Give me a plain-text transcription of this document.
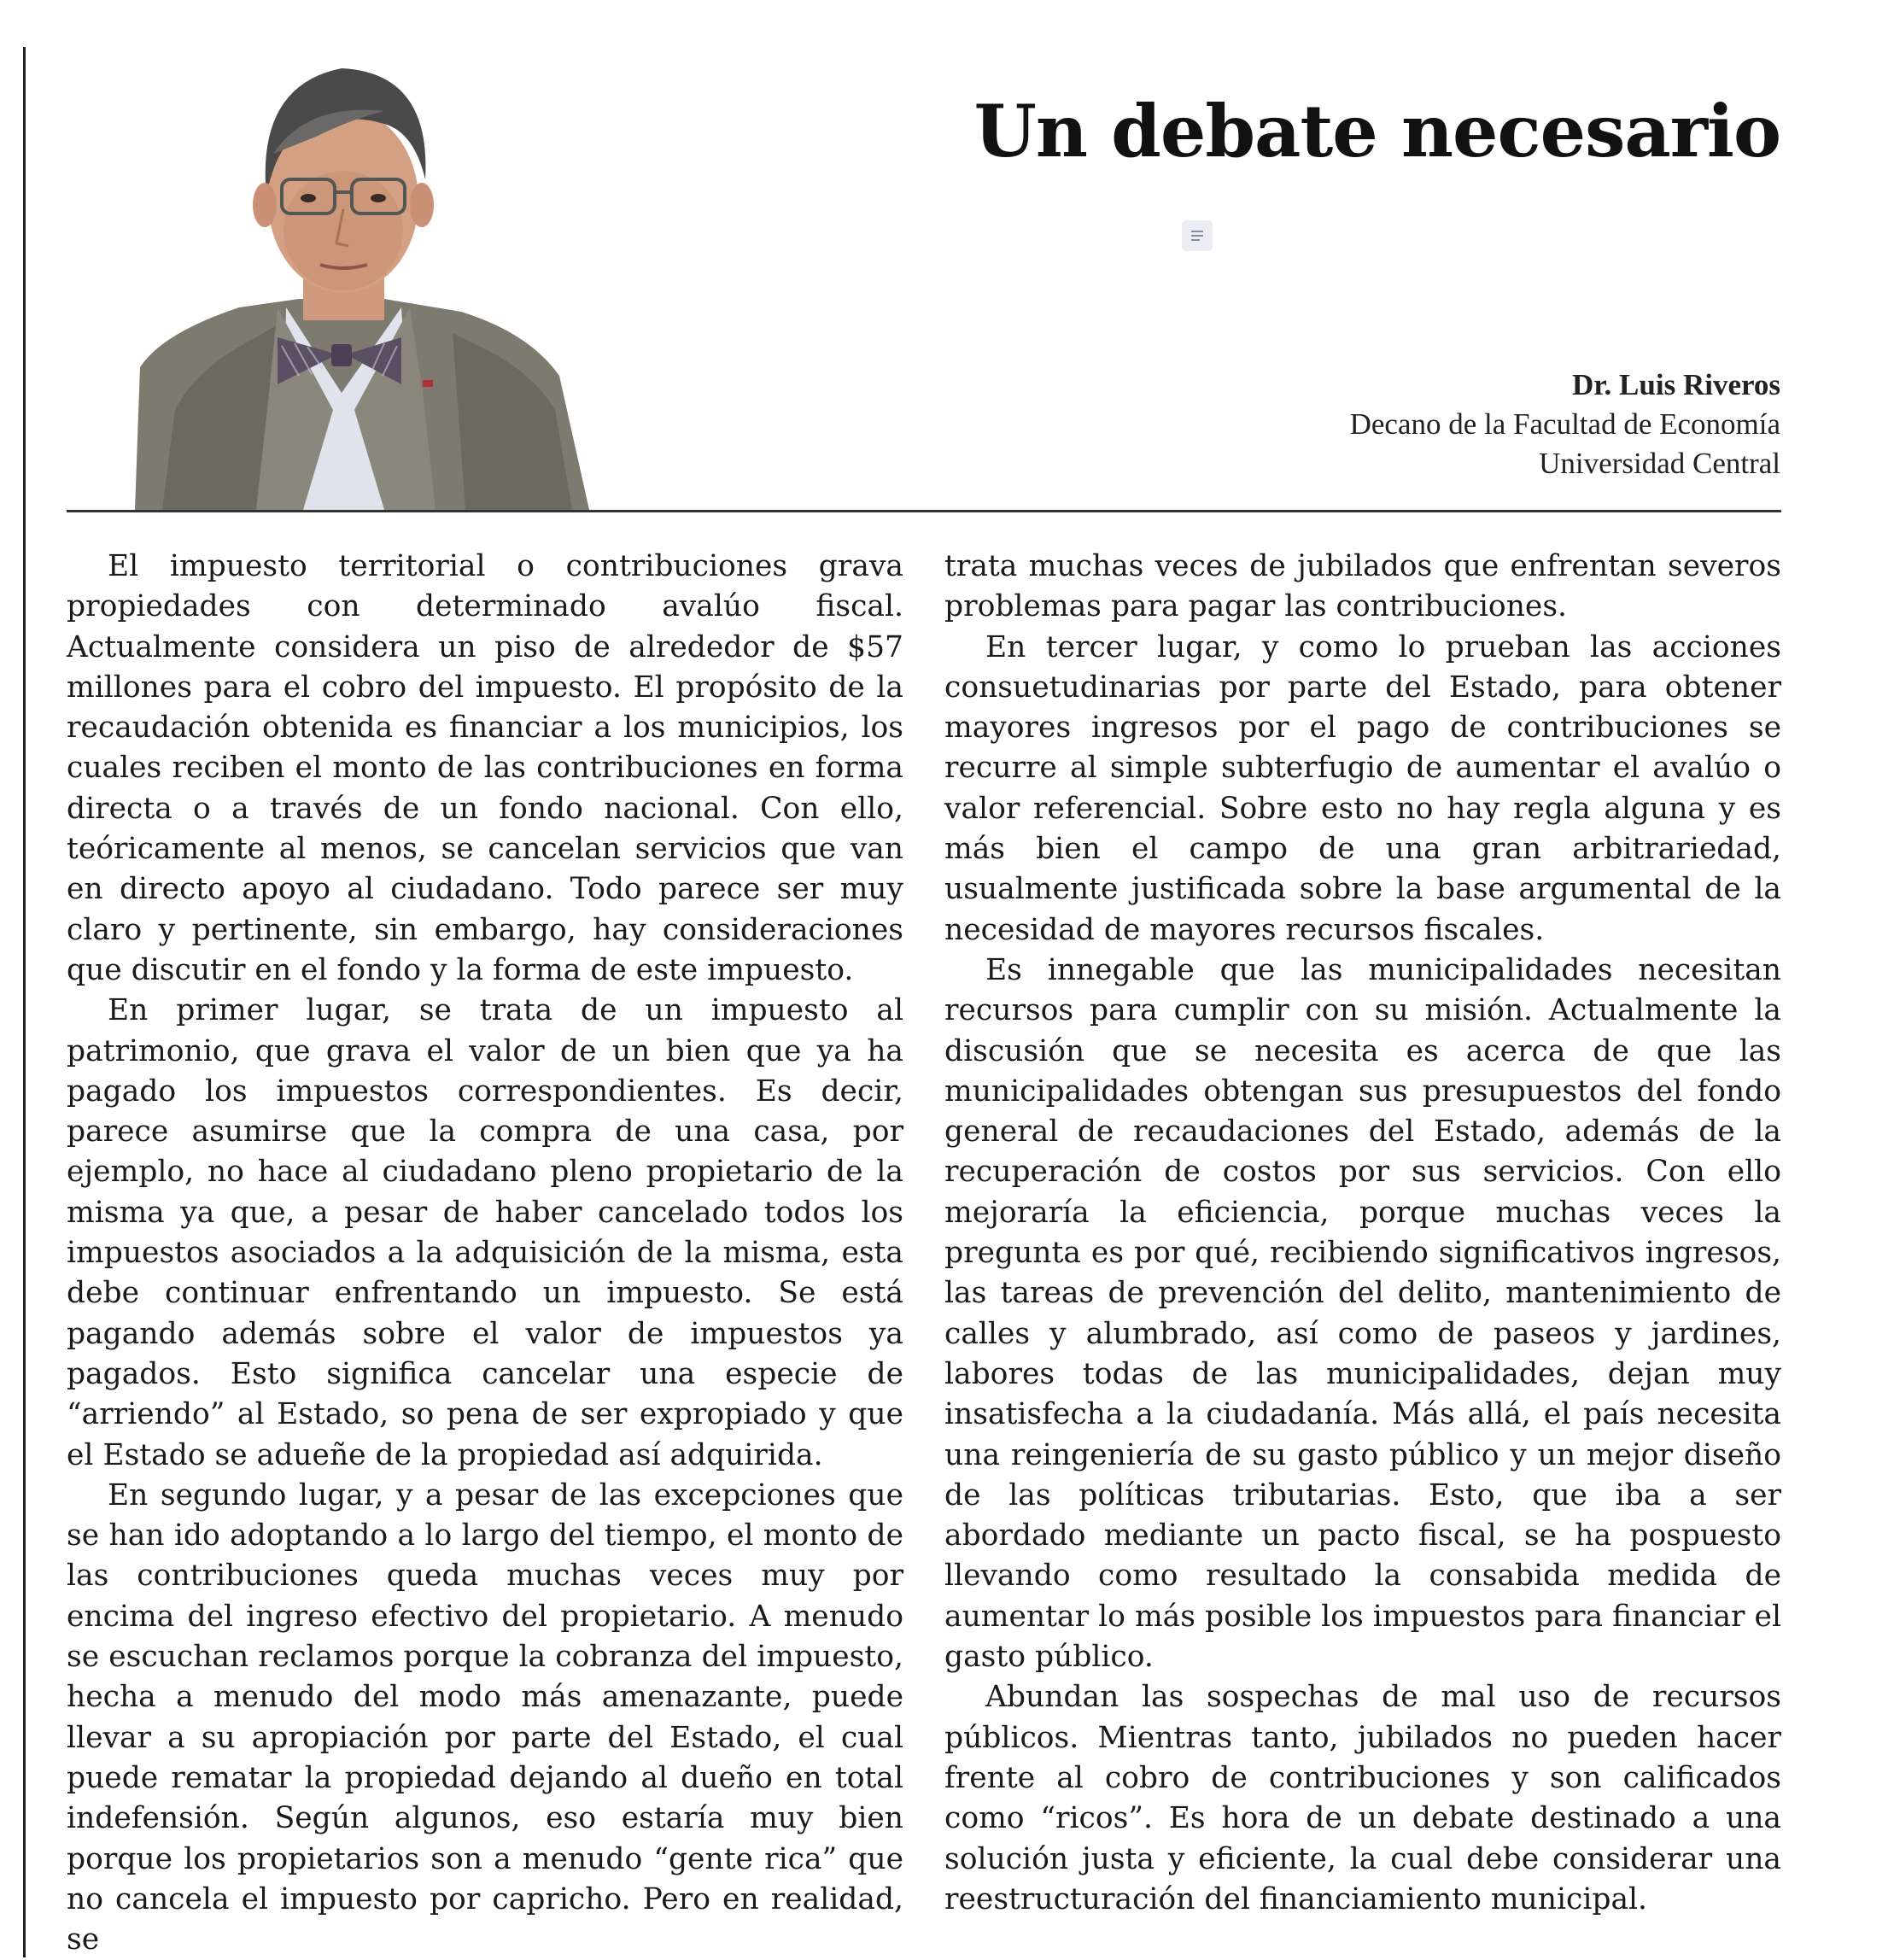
Un debate necesario
Dr. Luis Riveros
Decano de la Facultad de Economía
Universidad Central

El impuesto territorial o contribuciones grava propiedades con determinado avalúo fiscal. Actualmente considera un piso de alrededor de $57 millones para el cobro del impuesto. El propósito de la recaudación obtenida es financiar a los municipios, los cuales reciben el monto de las contribuciones en forma directa o a través de un fondo nacional. Con ello, teóricamente al menos, se cancelan servicios que van en directo apoyo al ciudadano. Todo parece ser muy claro y pertinente, sin embargo, hay consideraciones que discutir en el fondo y la forma de este impuesto.

En primer lugar, se trata de un impuesto al patrimonio, que grava el valor de un bien que ya ha pagado los impuestos correspondientes. Es decir, parece asumirse que la compra de una casa, por ejemplo, no hace al ciudadano pleno propietario de la misma ya que, a pesar de haber cancelado todos los impuestos asociados a la adquisición de la misma, esta debe continuar enfrentando un impuesto. Se está pagando además sobre el valor de impuestos ya pagados. Esto significa cancelar una especie de “arriendo” al Estado, so pena de ser expropiado y que el Estado se adueñe de la propiedad así adquirida.

En segundo lugar, y a pesar de las excepciones que se han ido adoptando a lo largo del tiempo, el monto de las contribuciones queda muchas veces muy por encima del ingreso efectivo del propietario. A menudo se escuchan reclamos porque la cobranza del impuesto, hecha a menudo del modo más amenazante, puede llevar a su apropiación por parte del Estado, el cual puede rematar la propiedad dejando al dueño en total indefensión. Según algunos, eso estaría muy bien porque los propietarios son a menudo “gente rica” que no cancela el impuesto por capricho. Pero en realidad, se

trata muchas veces de jubilados que enfrentan severos problemas para pagar las contribuciones.

En tercer lugar, y como lo prueban las acciones consuetudinarias por parte del Estado, para obtener mayores ingresos por el pago de contribuciones se recurre al simple subterfugio de aumentar el avalúo o valor referencial. Sobre esto no hay regla alguna y es más bien el campo de una gran arbitrariedad, usualmente justificada sobre la base argumental de la necesidad de mayores recursos fiscales.

Es innegable que las municipalidades necesitan recursos para cumplir con su misión. Actualmente la discusión que se necesita es acerca de que las municipalidades obtengan sus presupuestos del fondo general de recaudaciones del Estado, además de la recuperación de costos por sus servicios. Con ello mejoraría la eficiencia, porque muchas veces la pregunta es por qué, recibiendo significativos ingresos, las tareas de prevención del delito, mantenimiento de calles y alumbrado, así como de paseos y jardines, labores todas de las municipalidades, dejan muy insatisfecha a la ciudadanía. Más allá, el país necesita una reingeniería de su gasto público y un mejor diseño de las políticas tributarias. Esto, que iba a ser abordado mediante un pacto fiscal, se ha pospuesto llevando como resultado la consabida medida de aumentar lo más posible los impuestos para financiar el gasto público.

Abundan las sospechas de mal uso de recursos públicos. Mientras tanto, jubilados no pueden hacer frente al cobro de contribuciones y son calificados como “ricos”. Es hora de un debate destinado a una solución justa y eficiente, la cual debe considerar una reestructuración del financiamiento municipal.
